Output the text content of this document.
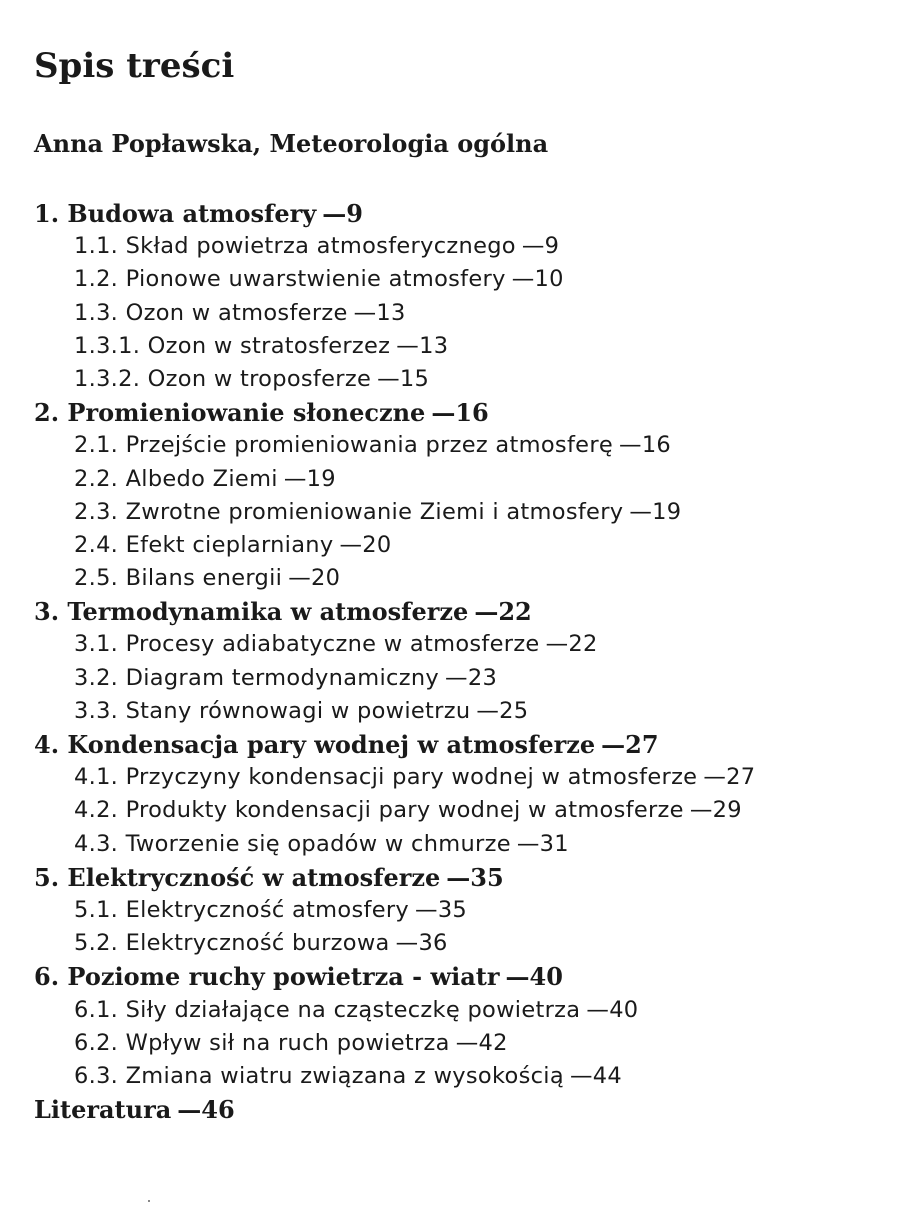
Spis treści
Anna Popławska, Meteorologia ogólna
1. Budowa atmosfery —9
1.1. Skład powietrza atmosferycznego —9
1.2. Pionowe uwarstwienie atmosfery —10
1.3. Ozon w atmosferze —13
1.3.1. Ozon w stratosferzez —13
1.3.2. Ozon w troposferze —15
2. Promieniowanie słoneczne —16
2.1. Przejście promieniowania przez atmosferę —16
2.2. Albedo Ziemi —19
2.3. Zwrotne promieniowanie Ziemi i atmosfery —19
2.4. Efekt cieplarniany —20
2.5. Bilans energii —20
3. Termodynamika w atmosferze —22
3.1. Procesy adiabatyczne w atmosferze —22
3.2. Diagram termodynamiczny —23
3.3. Stany równowagi w powietrzu —25
4. Kondensacja pary wodnej w atmosferze —27
4.1. Przyczyny kondensacji pary wodnej w atmosferze —27
4.2. Produkty kondensacji pary wodnej w atmosferze —29
4.3. Tworzenie się opadów w chmurze —31
5. Elektryczność w atmosferze —35
5.1. Elektryczność atmosfery —35
5.2. Elektryczność burzowa —36
6. Poziome ruchy powietrza - wiatr —40
6.1. Siły działające na cząsteczkę powietrza —40
6.2. Wpływ sił na ruch powietrza —42
6.3. Zmiana wiatru związana z wysokością —44
Literatura —46
